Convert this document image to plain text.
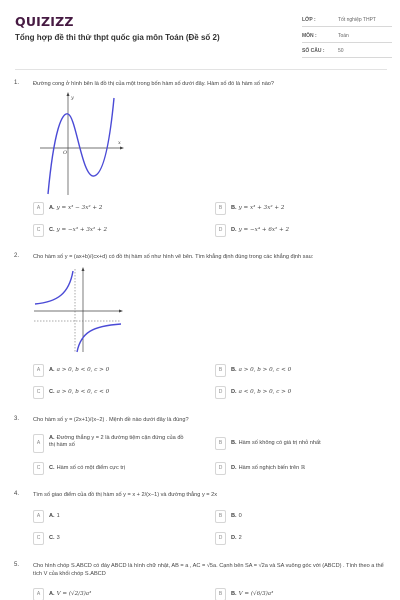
QUIZIZZ
Tổng hợp đề thi thử thpt quốc gia môn Toán (Đề số 2)
LỚP :	Tốt nghiệp THPT
MÔN :	Toán
SỐ CÂU :	50
1. Đường cong ở hình bên là đồ thị của một trong bốn hàm số dưới đây. Hàm số đó là hàm số nào?
y
x
O
A	A. y = x³ − 3x² + 2	B	B. y = x³ + 3x² + 2
C	C. y = −x³ + 3x² + 2	D	D. y = −x⁴ + 6x² + 2
2. Cho hàm số y = (ax+b)/(cx+d) có đồ thị hàm số như hình vẽ bên. Tìm khẳng định đúng trong các khẳng định sau:
A	A. a > 0, b < 0, c > 0	B	B. a > 0, b > 0, c < 0
C	C. a > 0, b < 0, c < 0	D	D. a < 0, b > 0, c > 0
3. Cho hàm số y = (2x+1)/(x−2) . Mệnh đề nào dưới đây là đúng?
A
A. Đường thẳng y = 2 là đường tiệm cận đứng của đồ thị hàm số	B	B. Hàm số không có giá trị nhỏ nhất
C	C. Hàm số có một điểm cực trị	D	D. Hàm số nghịch biến trên ℝ
4. Tìm số giao điểm của đồ thị hàm số y = x + 2/(x−1) và đường thẳng y = 2x
A	A. 1	B	B. 0
C	C. 3	D	D. 2
5. Cho hình chóp S.ABCD có đáy ABCD là hình chữ nhật, AB = a , AC = √5a. Cạnh bên SA = √2a và SA vuông góc với (ABCD) . Tính theo a thể tích V của khối chóp S.ABCD
A	A. V = (√2/3)a³	B	B. V = (√6/3)a³
